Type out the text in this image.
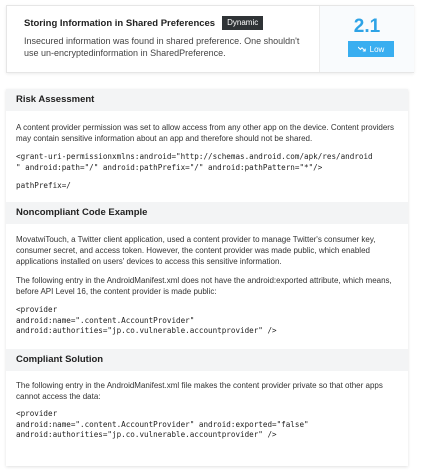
Storing Information in Shared Preferences	Dynamic
Insecured information was found in shared preference. One shouldn't use un-encryptedinformation in SharedPreference.
2.1
Low
Risk Assessment
A content provider permission was set to allow access from any other app on the device. Content providers may contain sensitive information about an app and therefore should not be shared.
<grant-uri-permissionxmlns:android="http://schemas.android.com/apk/res/android
" android:path="/" android:pathPrefix="/" android:pathPattern="*"/>
pathPrefix=/
Noncompliant Code Example
MovatwiTouch, a Twitter client application, used a content provider to manage Twitter's consumer key, consumer secret, and access token. However, the content provider was made public, which enabled applications installed on users' devices to access this sensitive information.
The following entry in the AndroidManifest.xml does not have the android:exported attribute, which means, before API Level 16, the content provider is made public:
<provider
android:name=".content.AccountProvider"
android:authorities="jp.co.vulnerable.accountprovider" />
Compliant Solution
The following entry in the AndroidManifest.xml file makes the content provider private so that other apps cannot access the data:
<provider
android:name=".content.AccountProvider" android:exported="false"
android:authorities="jp.co.vulnerable.accountprovider" />
